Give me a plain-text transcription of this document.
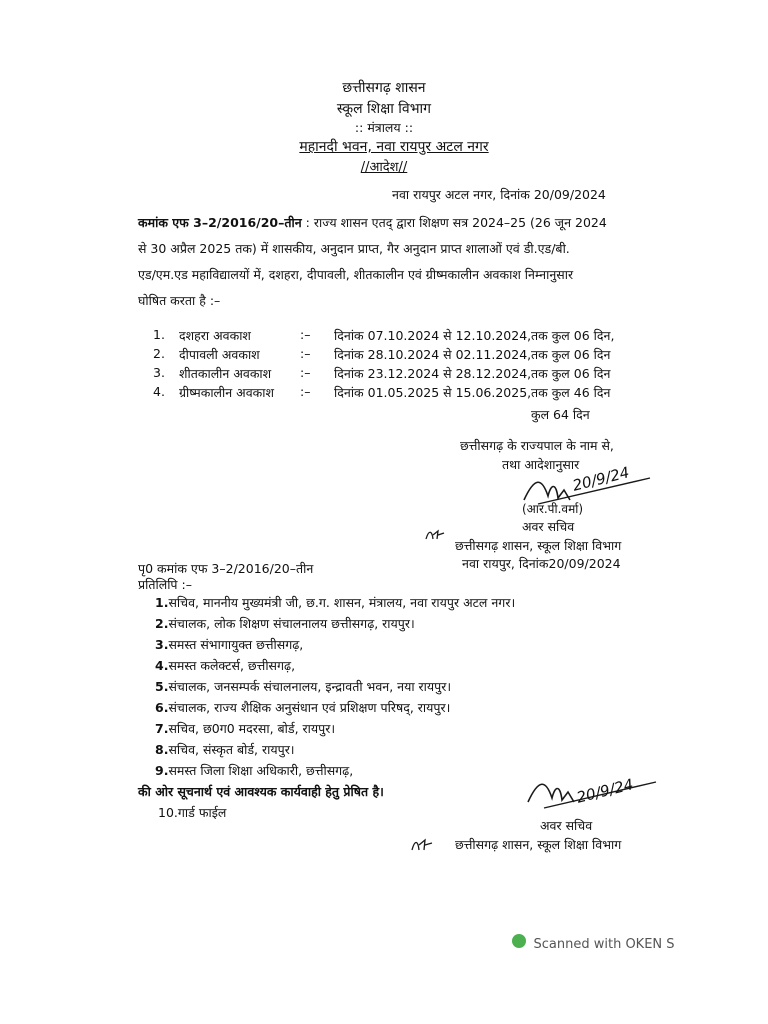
छत्तीसगढ़ शासन
स्कूल शिक्षा विभाग
:: मंत्रालय ::
महानदी भवन, नवा रायपुर अटल नगर
//आदेश//
नवा रायपुर अटल नगर, दिनांक 20/09/2024
कमांक एफ 3–2/2016/20–तीन : राज्य शासन एतद् द्वारा शिक्षण सत्र 2024–25 (26 जून 2024
से 30 अप्रैल 2025 तक) में शासकीय, अनुदान प्राप्त, गैर अनुदान प्राप्त शालाओं एवं डी.एड/बी.
एड/एम.एड महाविद्यालयों में, दशहरा, दीपावली, शीतकालीन एवं ग्रीष्मकालीन अवकाश निम्नानुसार
घोषित करता है :–
1. दशहरा अवकाश	:– दिनांक 07.10.2024 से 12.10.2024, तक कुल 06 दिन,
2. दीपावली अवकाश	:– दिनांक 28.10.2024 से 02.11.2024, तक कुल 06 दिन
3. शीतकालीन अवकाश :– दिनांक 23.12.2024 से 28.12.2024, तक कुल 06 दिन
4. ग्रीष्मकालीन अवकाश :– दिनांक 01.05.2025 से 15.06.2025, तक कुल 46 दिन
कुल 64 दिन
छत्तीसगढ़ के राज्यपाल के नाम से,
तथा आदेशानुसार
20/9/24
(आर.पी.वर्मा)
अवर सचिव
छत्तीसगढ़ शासन, स्कूल शिक्षा विभाग
नवा रायपुर, दिनांक20/09/2024
पृ0 कमांक एफ 3–2/2016/20–तीन
प्रतिलिपि :–
1.सचिव, माननीय मुख्यमंत्री जी, छ.ग. शासन, मंत्रालय, नवा रायपुर अटल नगर।
2.संचालक, लोक शिक्षण संचालनालय छत्तीसगढ़, रायपुर।
3.समस्त संभागायुक्त छत्तीसगढ़,
4.समस्त कलेक्टर्स, छत्तीसगढ़,
5.संचालक, जनसम्पर्क संचालनालय, इन्द्रावती भवन, नया रायपुर।
6.संचालक, राज्य शैक्षिक अनुसंधान एवं प्रशिक्षण परिषद्, रायपुर।
7.सचिव, छ0ग0 मदरसा, बोर्ड, रायपुर।
8.सचिव, संस्कृत बोर्ड, रायपुर।
9.समस्त जिला शिक्षा अधिकारी, छत्तीसगढ़,
की ओर सूचनार्थ एवं आवश्यक कार्यवाही हेतु प्रेषित है।
10.गार्ड फाईल
20/9/24
अवर सचिव
छत्तीसगढ़ शासन, स्कूल शिक्षा विभाग
Scanned with OKEN S
